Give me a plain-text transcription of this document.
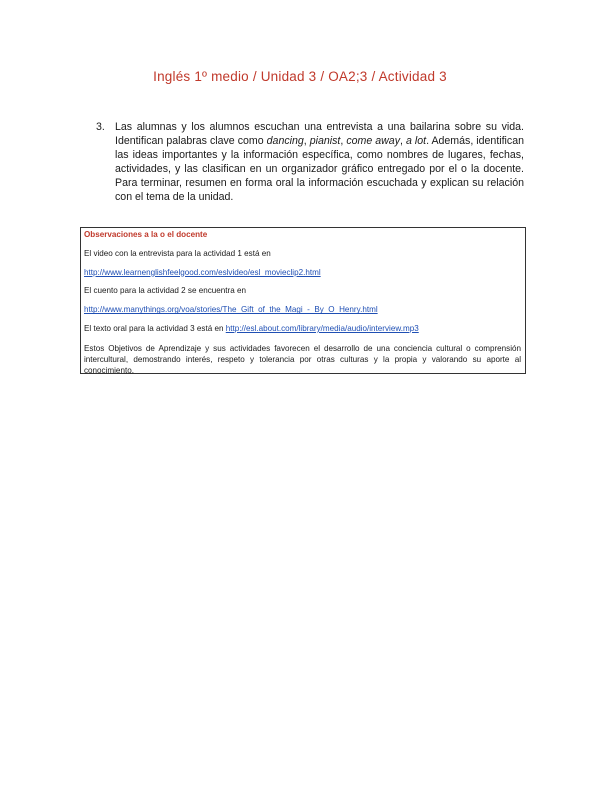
Inglés 1º medio / Unidad 3 / OA2;3 / Actividad 3
3. Las alumnas y los alumnos escuchan una entrevista a una bailarina sobre su vida. Identifican palabras clave como dancing, pianist, come away, a lot. Además, identifican las ideas importantes y la información específica, como nombres de lugares, fechas, actividades, y las clasifican en un organizador gráfico entregado por el o la docente. Para terminar, resumen en forma oral la información escuchada y explican su relación con el tema de la unidad.
Observaciones a la o el docente
El video con la entrevista para la actividad 1 está en
http://www.learnenglishfeelgood.com/eslvideo/esl_movieclip2.html
El cuento para la actividad 2 se encuentra en
http://www.manythings.org/voa/stories/The_Gift_of_the_Magi_-_By_O_Henry.html
El texto oral para la actividad 3 está en http://esl.about.com/library/media/audio/interview.mp3
Estos Objetivos de Aprendizaje y sus actividades favorecen el desarrollo de una conciencia cultural o comprensión intercultural, demostrando interés, respeto y tolerancia por otras culturas y la propia y valorando su aporte al conocimiento.
